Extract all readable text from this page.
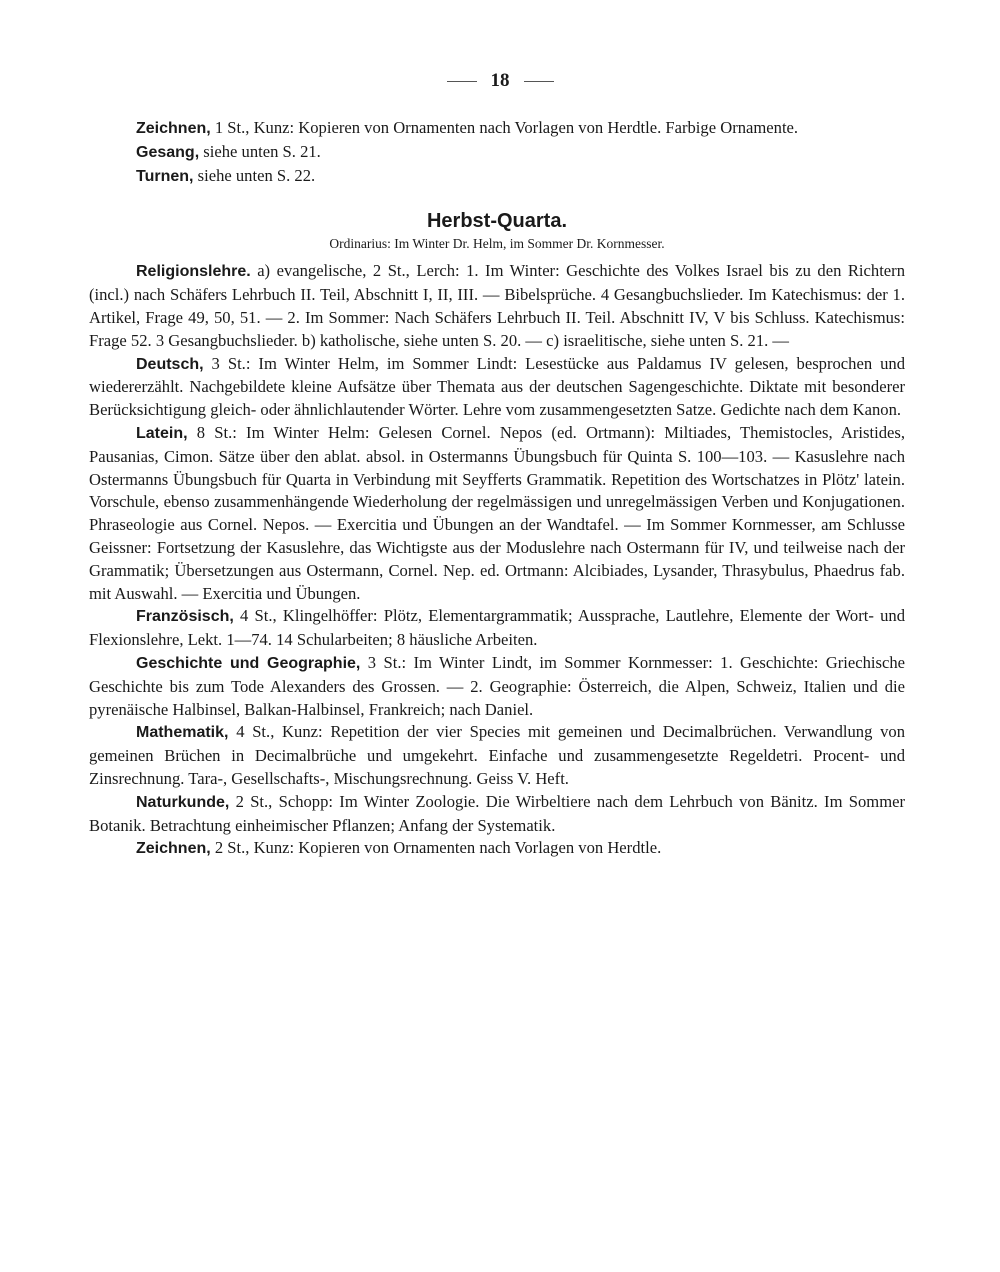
18

Zeichnen, 1 St., Kunz: Kopieren von Ornamenten nach Vorlagen von Herdtle. Farbige Ornamente.

Gesang, siehe unten S. 21.

Turnen, siehe unten S. 22.

Herbst-Quarta.

Ordinarius: Im Winter Dr. Helm, im Sommer Dr. Kornmesser.

Religionslehre. a) evangelische, 2 St., Lerch: 1. Im Winter: Geschichte des Volkes Israel bis zu den Richtern (incl.) nach Schäfers Lehrbuch II. Teil, Abschnitt I, II, III. — Bibelsprüche. 4 Gesangbuchslieder. Im Katechismus: der 1. Artikel, Frage 49, 50, 51. — 2. Im Sommer: Nach Schäfers Lehrbuch II. Teil. Abschnitt IV, V bis Schluss. Katechismus: Frage 52. 3 Gesangbuchslieder. b) katholische, siehe unten S. 20. — c) israelitische, siehe unten S. 21. —

Deutsch, 3 St.: Im Winter Helm, im Sommer Lindt: Lesestücke aus Paldamus IV gelesen, besprochen und wiedererzählt. Nachgebildete kleine Aufsätze über Themata aus der deutschen Sagengeschichte. Diktate mit besonderer Berücksichtigung gleich- oder ähnlichlautender Wörter. Lehre vom zusammengesetzten Satze. Gedichte nach dem Kanon.

Latein, 8 St.: Im Winter Helm: Gelesen Cornel. Nepos (ed. Ortmann): Miltiades, Themistocles, Aristides, Pausanias, Cimon. Sätze über den ablat. absol. in Ostermanns Übungsbuch für Quinta S. 100—103. — Kasuslehre nach Ostermanns Übungsbuch für Quarta in Verbindung mit Seyfferts Grammatik. Repetition des Wortschatzes in Plötz' latein. Vorschule, ebenso zusammenhängende Wiederholung der regelmässigen und unregelmässigen Verben und Konjugationen. Phraseologie aus Cornel. Nepos. — Exercitia und Übungen an der Wandtafel. — Im Sommer Kornmesser, am Schlusse Geissner: Fortsetzung der Kasuslehre, das Wichtigste aus der Moduslehre nach Ostermann für IV, und teilweise nach der Grammatik; Übersetzungen aus Ostermann, Cornel. Nep. ed. Ortmann: Alcibiades, Lysander, Thrasybulus, Phaedrus fab. mit Auswahl. — Exercitia und Übungen.

Französisch, 4 St., Klingelhöffer: Plötz, Elementargrammatik; Aussprache, Lautlehre, Elemente der Wort- und Flexionslehre, Lekt. 1—74. 14 Schularbeiten; 8 häusliche Arbeiten.

Geschichte und Geographie, 3 St.: Im Winter Lindt, im Sommer Kornmesser: 1. Geschichte: Griechische Geschichte bis zum Tode Alexanders des Grossen. — 2. Geographie: Österreich, die Alpen, Schweiz, Italien und die pyrenäische Halbinsel, Balkan-Halbinsel, Frankreich; nach Daniel.

Mathematik, 4 St., Kunz: Repetition der vier Species mit gemeinen und Decimalbrüchen. Verwandlung von gemeinen Brüchen in Decimalbrüche und umgekehrt. Einfache und zusammengesetzte Regeldetri. Procent- und Zinsrechnung. Tara-, Gesellschafts-, Mischungsrechnung. Geiss V. Heft.

Naturkunde, 2 St., Schopp: Im Winter Zoologie. Die Wirbeltiere nach dem Lehrbuch von Bänitz. Im Sommer Botanik. Betrachtung einheimischer Pflanzen; Anfang der Systematik.

Zeichnen, 2 St., Kunz: Kopieren von Ornamenten nach Vorlagen von Herdtle.
